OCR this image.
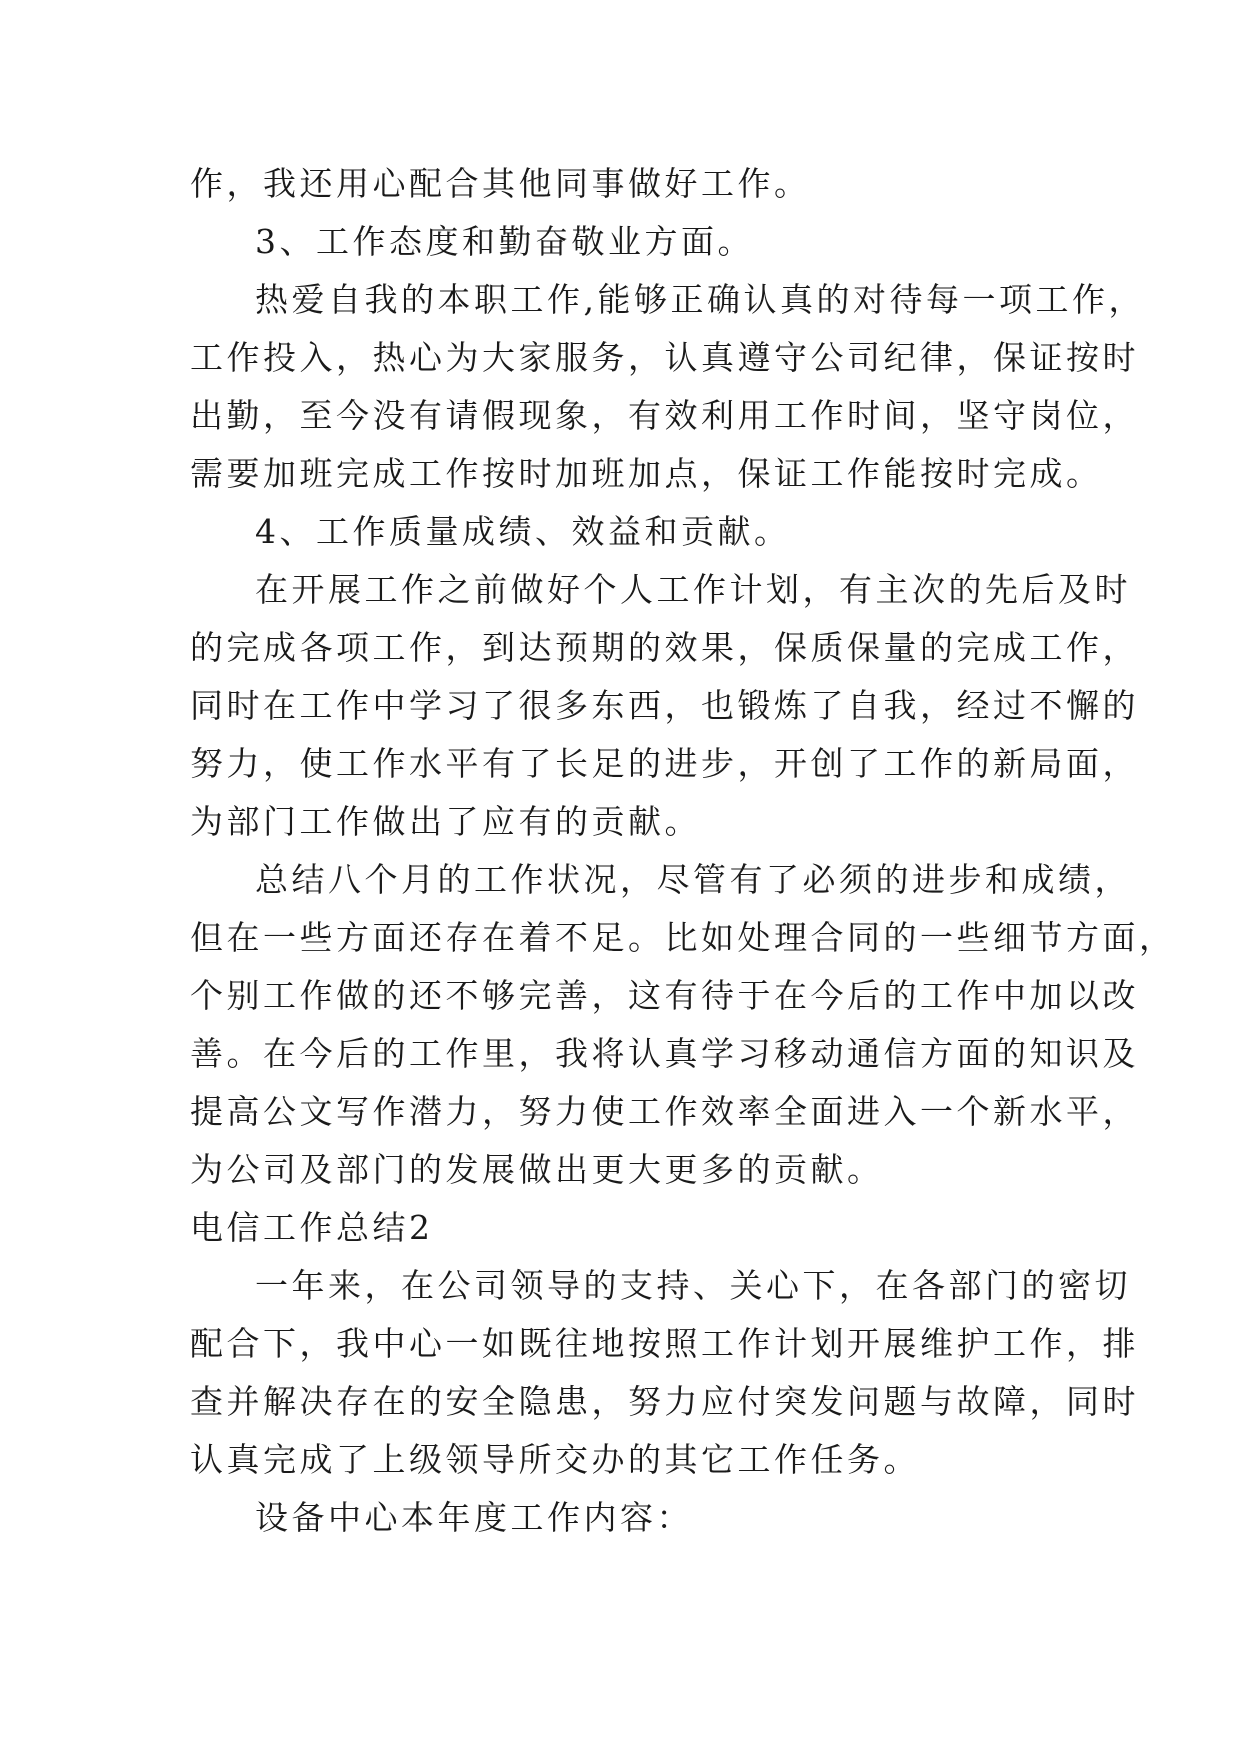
作，我还用心配合其他同事做好工作。
3、工作态度和勤奋敬业方面。
热爱自我的本职工作,能够正确认真的对待每一项工作，
工作投入，热心为大家服务，认真遵守公司纪律，保证按时
出勤，至今没有请假现象，有效利用工作时间，坚守岗位，
需要加班完成工作按时加班加点，保证工作能按时完成。
4、工作质量成绩、效益和贡献。
在开展工作之前做好个人工作计划，有主次的先后及时
的完成各项工作，到达预期的效果，保质保量的完成工作，
同时在工作中学习了很多东西，也锻炼了自我，经过不懈的
努力，使工作水平有了长足的进步，开创了工作的新局面，
为部门工作做出了应有的贡献。
总结八个月的工作状况，尽管有了必须的进步和成绩，
但在一些方面还存在着不足。比如处理合同的一些细节方面，
个别工作做的还不够完善，这有待于在今后的工作中加以改
善。在今后的工作里，我将认真学习移动通信方面的知识及
提高公文写作潜力，努力使工作效率全面进入一个新水平，
为公司及部门的发展做出更大更多的贡献。
电信工作总结2
一年来，在公司领导的支持、关心下，在各部门的密切
配合下，我中心一如既往地按照工作计划开展维护工作，排
查并解决存在的安全隐患，努力应付突发问题与故障，同时
认真完成了上级领导所交办的其它工作任务。
设备中心本年度工作内容：
